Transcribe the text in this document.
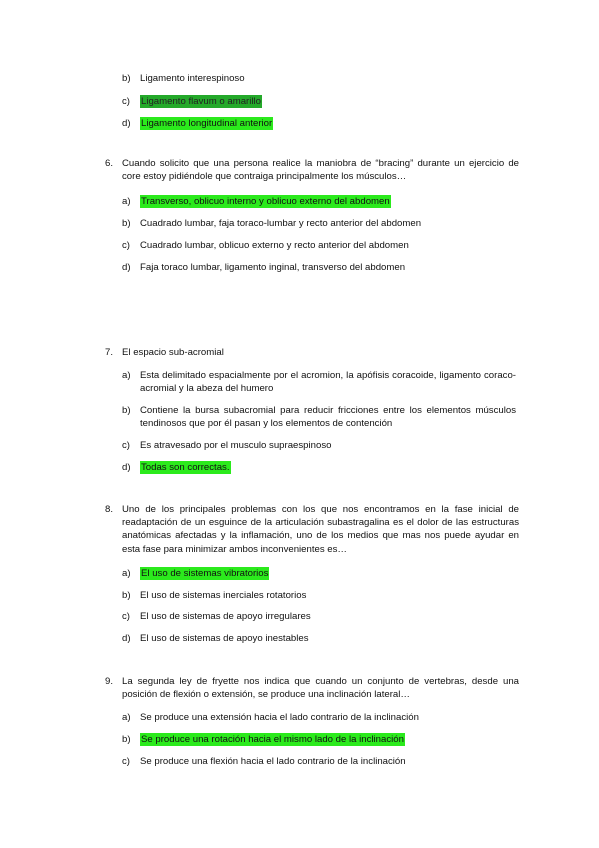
b) Ligamento interespinoso
c)	Ligamento flavum o amarillo
d)	Ligamento longitudinal anterior
6. Cuando solicito que una persona realice la maniobra de “bracing” durante un ejercicio de core estoy pidiéndole que contraiga principalmente los músculos…
a)	Transverso, oblicuo interno y oblicuo externo del abdomen
b) Cuadrado lumbar, faja toraco-lumbar y recto anterior del abdomen
c)	Cuadrado lumbar, oblicuo externo y recto anterior del abdomen
d) Faja toraco lumbar, ligamento inginal, transverso del abdomen
7. El espacio sub-acromial
a) Esta delimitado espacialmente por el acromion, la apófisis coracoide, ligamento coraco-acromial y la abeza del humero
b) Contiene la bursa subacromial para reducir fricciones entre los elementos músculos tendinosos que por él pasan y los elementos de contención
c)	Es atravesado por el musculo supraespinoso
d)	Todas son correctas.
8. Uno de los principales problemas con los que nos encontramos en la fase inicial de readaptación de un esguince de la articulación subastragalina es el dolor de las estructuras anatómicas afectadas y la inflamación, uno de los medios que mas nos puede ayudar en esta fase para minimizar ambos inconvenientes es…
a)	El uso de sistemas vibratorios
b) El uso de sistemas inerciales rotatorios
c)	El uso de sistemas de apoyo irregulares
d) El uso de sistemas de apoyo inestables
9. La segunda ley de fryette nos indica que cuando un conjunto de vertebras, desde una posición de flexión o extensión, se produce una inclinación lateral…
a) Se produce una extensión hacia el lado contrario de la inclinación
b)	Se produce una rotación hacia el mismo lado de la inclinación
c)	Se produce una flexión hacia el lado contrario de la inclinación
